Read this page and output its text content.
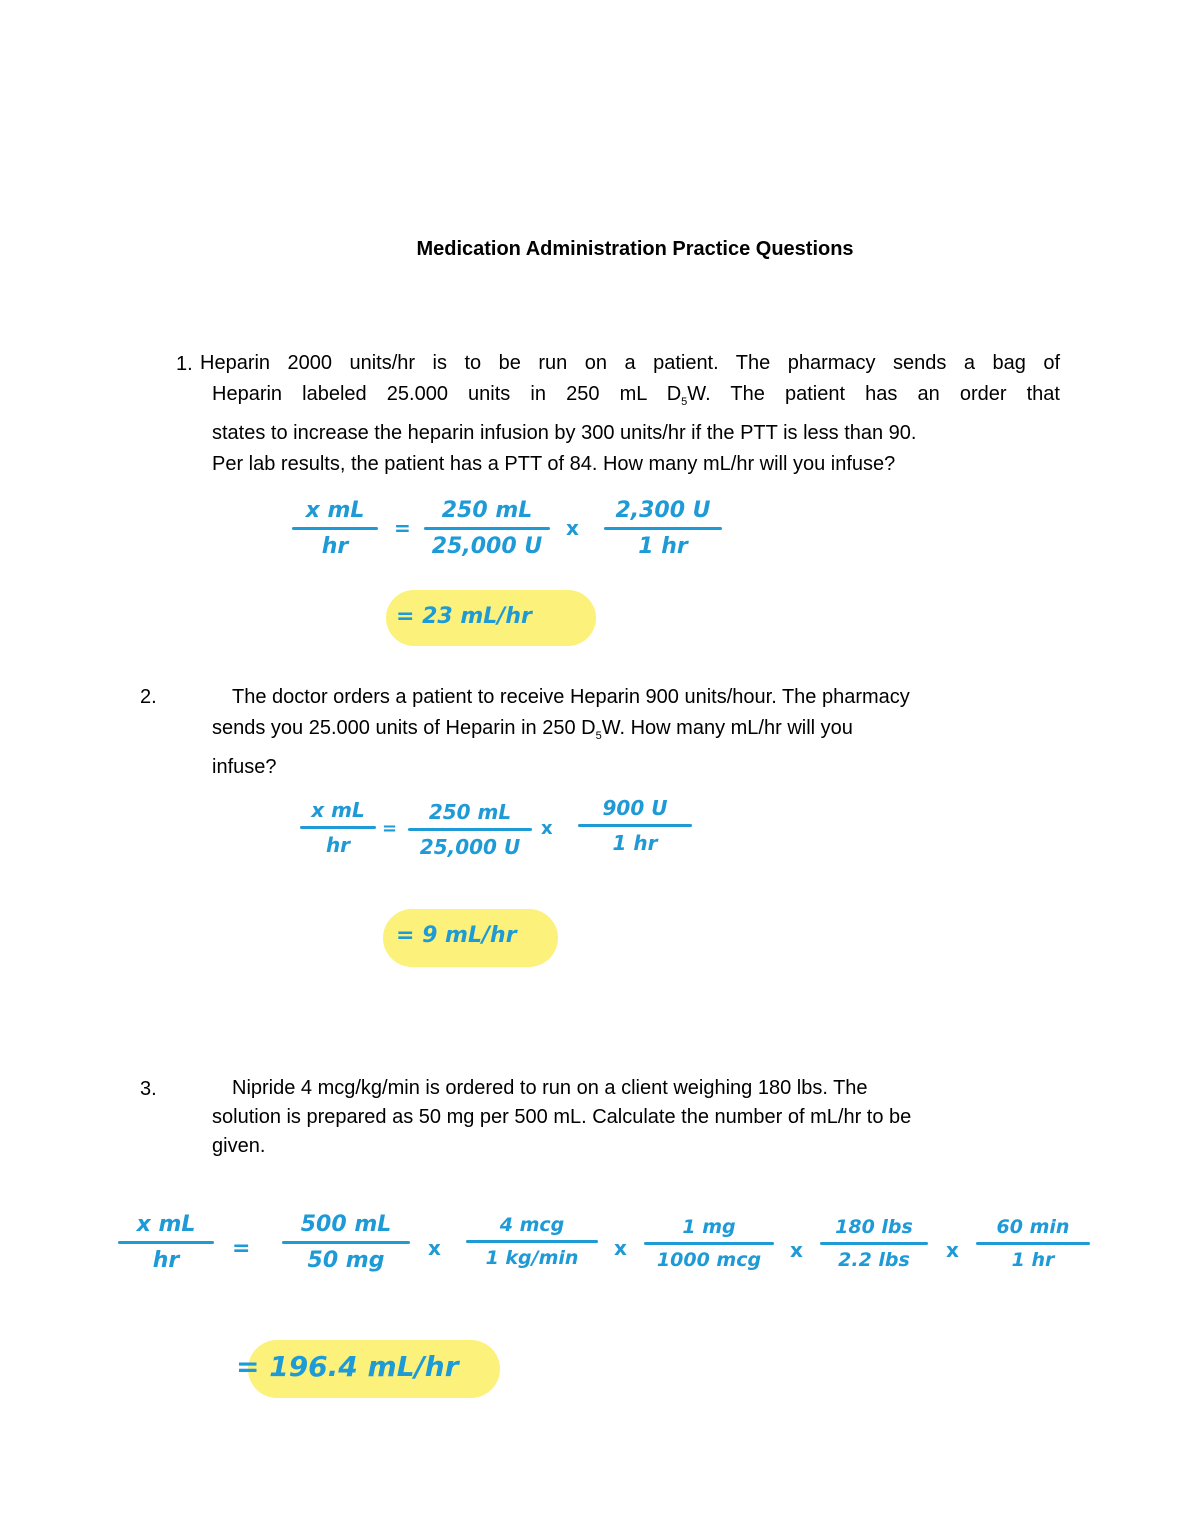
Medication Administration Practice Questions
1. Heparin 2000 units/hr is to be run on a patient. The pharmacy sends a bag of
Heparin labeled 25.000 units in 250 mL $D_5W$. The patient has an order that
states to increase the heparin infusion by 300 units/hr if the PTT is less than 90.
Per lab results, the patient has a PTT of 84. How many mL/hr will you infuse?
x mL
hr
=
250 mL
25,000 U
x
2,300 U
1 hr
= 23 mL/hr
2.	The doctor orders a patient to receive Heparin 900 units/hour. The pharmacy
sends you 25.000 units of Heparin in 250 $D_5W$. How many mL/hr will you
infuse?
x mL
hr
=
250 mL
25,000 U
x
900 U
1 hr
= 9 mL/hr
3.	Nipride 4 mcg/kg/min is ordered to run on a client weighing 180 lbs. The
solution is prepared as 50 mg per 500 mL. Calculate the number of mL/hr to be
given.
x mL
hr	=
500 mL
50 mg	x
4 mcg
1 kg/min	x
1 mg
1000 mcg	x
180 lbs
2.2 lbs	x
60 min
1 hr
= 196.4 mL/hr
